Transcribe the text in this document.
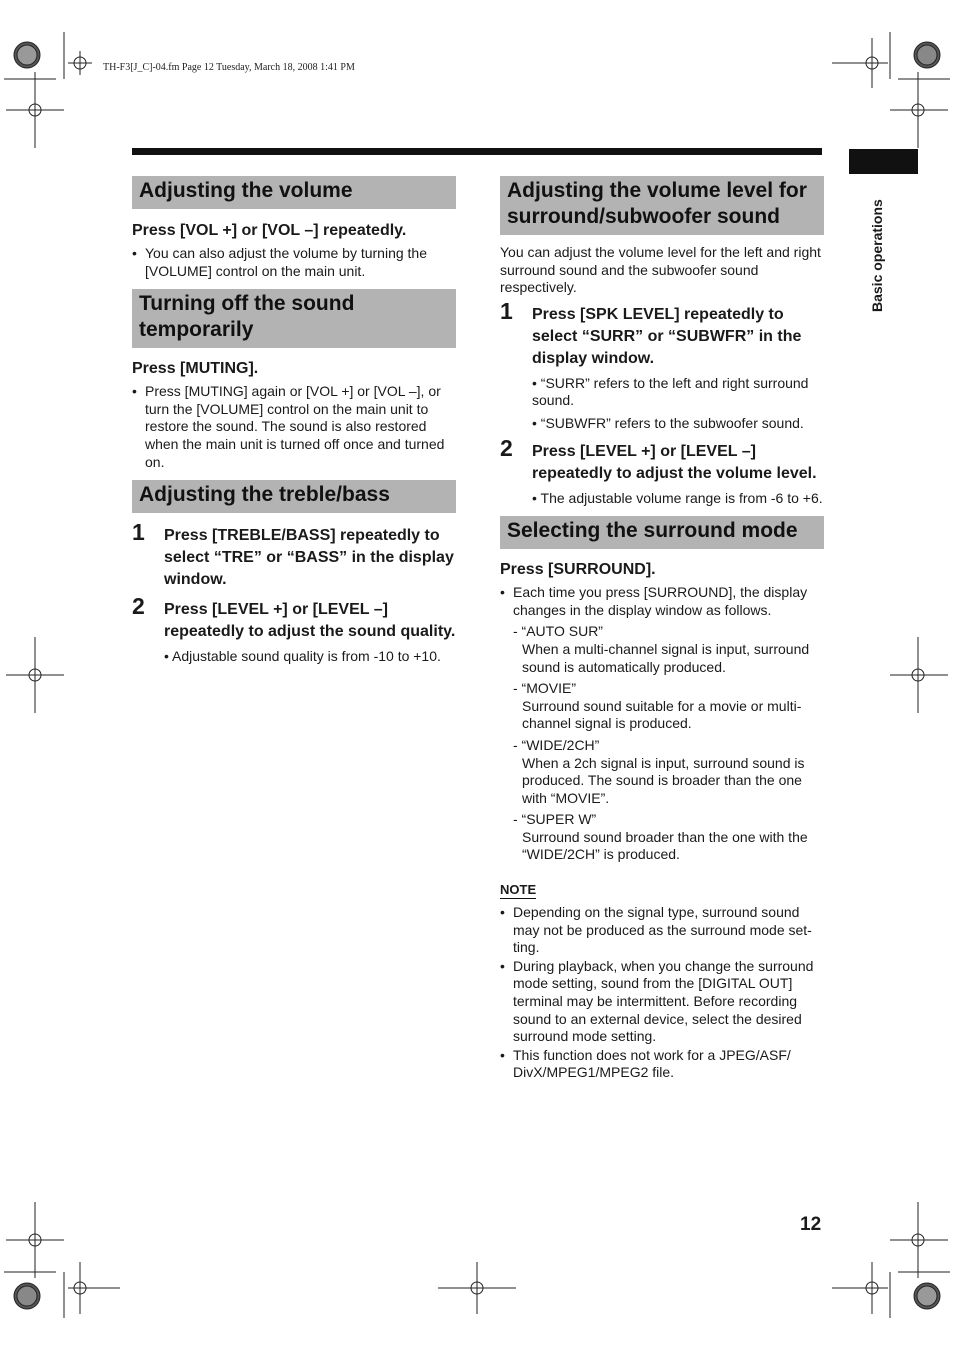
TH-F3[J_C]-04.fm Page 12 Tuesday, March 18, 2008 1:41 PM
Basic operations
Adjusting the volume

Press [VOL +] or [VOL –] repeatedly.

• You can also adjust the volume by turning the [VOLUME] control on the main unit.

Turning off the sound temporarily

Press [MUTING].

• Press [MUTING] again or [VOL +] or [VOL –], or turn the [VOLUME] control on the main unit to restore the sound. The sound is also restored when the main unit is turned off once and turned on.

Adjusting the treble/bass
1 Press [TREBLE/BASS] repeatedly to select “TRE” or “BASS” in the display window.
2 Press [LEVEL +] or [LEVEL –] repeatedly to adjust the sound quality.

• Adjustable sound quality is from -10 to +10.

Adjusting the volume level for surround/subwoofer sound

You can adjust the volume level for the left and right surround sound and the subwoofer sound respectively.

1 Press [SPK LEVEL] repeatedly to select “SURR” or “SUBWFR” in the display window.

• “SURR” refers to the left and right surround sound.

• “SUBWFR” refers to the subwoofer sound.

2 Press [LEVEL +] or [LEVEL –] repeatedly to adjust the volume level.

• The adjustable volume range is from -6 to +6.

Selecting the surround mode

Press [SURROUND].

• Each time you press [SURROUND], the display changes in the display window as follows.

- “AUTO SUR”
When a multi-channel signal is input, surround sound is automatically produced.
- “MOVIE”
Surround sound suitable for a movie or multi-channel signal is produced.
- “WIDE/2CH”
When a 2ch signal is input, surround sound is produced. The sound is broader than the one with “MOVIE”.
- “SUPER W”
Surround sound broader than the one with the “WIDE/2CH” is produced.
NOTE

• Depending on the signal type, surround sound may not be produced as the surround mode set-ting.

• During playback, when you change the surround mode setting, sound from the [DIGITAL OUT] terminal may be intermittent. Before recording sound to an external device, select the desired surround mode setting.

• This function does not work for a JPEG/ASF/ DivX/MPEG1/MPEG2 file.

12
